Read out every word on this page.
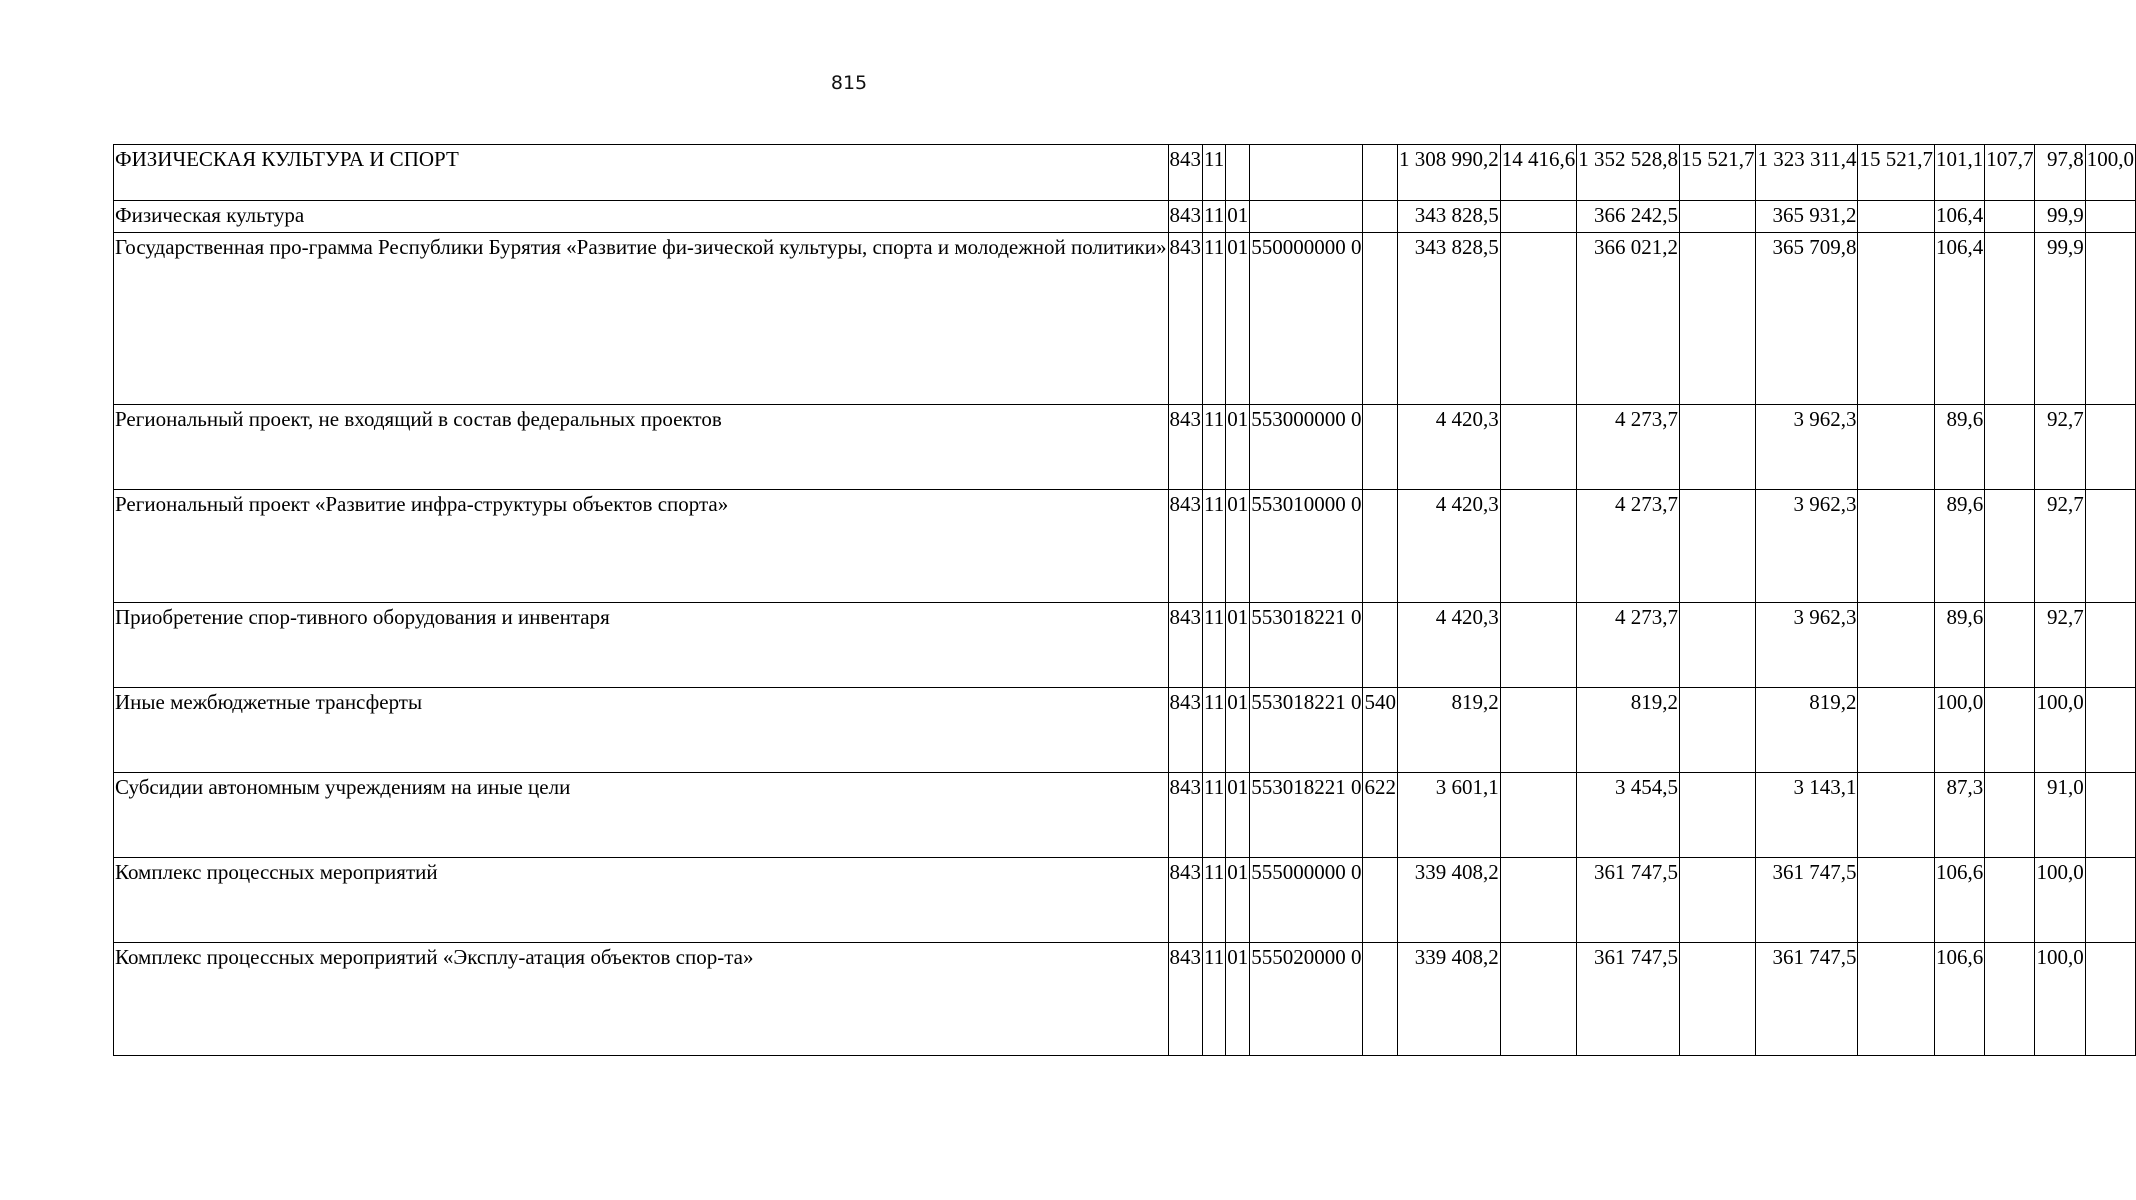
815
ФИЗИЧЕСКАЯ КУЛЬТУРА И СПОРТ	843	11				1 308 990,2	14 416,6	1 352 528,8	15 521,7	1 323 311,4	15 521,7	101,1	107,7	97,8	100,0
Физическая культура	843	11	01			343 828,5		366 242,5		365 931,2		106,4		99,9	
Государственная про-грамма Республики Бурятия «Развитие фи-зической культуры, спорта и молодежной политики»	843	11	01	550000000 0		343 828,5		366 021,2		365 709,8		106,4		99,9	
Региональный проект, не входящий в состав федеральных проектов	843	11	01	553000000 0		4 420,3		4 273,7		3 962,3		89,6		92,7	
Региональный проект «Развитие инфра-структуры объектов спорта»	843	11	01	553010000 0		4 420,3		4 273,7		3 962,3		89,6		92,7	
Приобретение спор-тивного оборудования и инвентаря	843	11	01	553018221 0		4 420,3		4 273,7		3 962,3		89,6		92,7	
Иные межбюджетные трансферты	843	11	01	553018221 0	540	819,2		819,2		819,2		100,0		100,0	
Субсидии автономным учреждениям на иные цели	843	11	01	553018221 0	622	3 601,1		3 454,5		3 143,1		87,3		91,0	
Комплекс процессных мероприятий	843	11	01	555000000 0		339 408,2		361 747,5		361 747,5		106,6		100,0	
Комплекс процессных мероприятий «Эксплу-атация объектов спор-та»	843	11	01	555020000 0		339 408,2		361 747,5		361 747,5		106,6		100,0	
